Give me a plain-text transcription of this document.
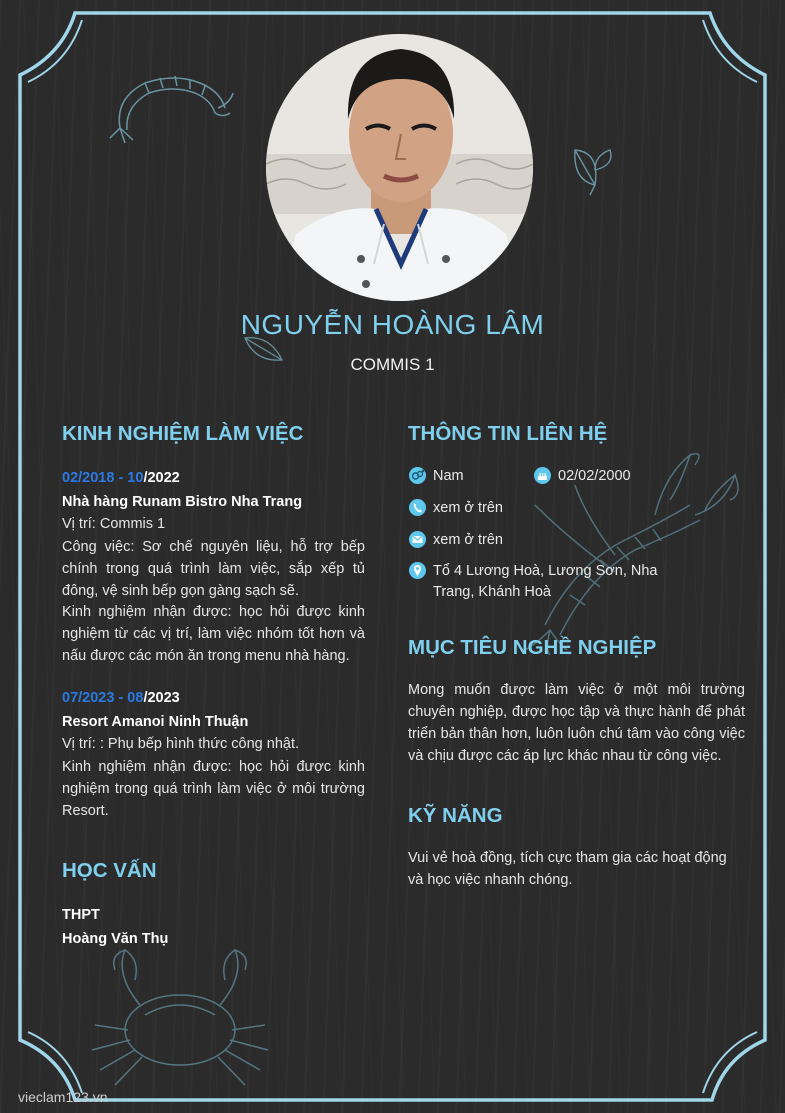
NGUYỄN HOÀNG LÂM
COMMIS 1
KINH NGHIỆM LÀM VIỆC
02/2018 - 10/2022
Nhà hàng Runam Bistro Nha Trang
Vị trí: Commis 1
Công việc: Sơ chế nguyên liệu, hỗ trợ bếp chính trong quá trình làm việc, sắp xếp tủ đông, vệ sinh bếp gọn gàng sạch sẽ.
Kinh nghiệm nhận được: học hỏi được kinh nghiệm từ các vị trí, làm việc nhóm tốt hơn và nấu được các món ăn trong menu nhà hàng.
07/2023 - 08/2023
Resort Amanoi Ninh Thuận
Vị trí: : Phụ bếp hình thức công nhật.
Kinh nghiệm nhận được: học hỏi được kinh nghiệm trong quá trình làm việc ở môi trường Resort.
HỌC VẤN
THPT
Hoàng Văn Thụ
THÔNG TIN LIÊN HỆ
Nam	02/02/2000
xem ở trên
xem ở trên
Tổ 4 Lương Hoà, Lương Sơn, Nha Trang, Khánh Hoà
MỤC TIÊU NGHỀ NGHIỆP
Mong muốn được làm việc ở một môi trường chuyên nghiệp, được học tập và thực hành để phát triển bản thân hơn, luôn luôn chú tâm vào công việc và chịu được các áp lực khác nhau từ công việc.
KỸ NĂNG
Vui vẻ hoà đồng, tích cực tham gia các hoạt động và học việc nhanh chóng.
vieclam123.vn
